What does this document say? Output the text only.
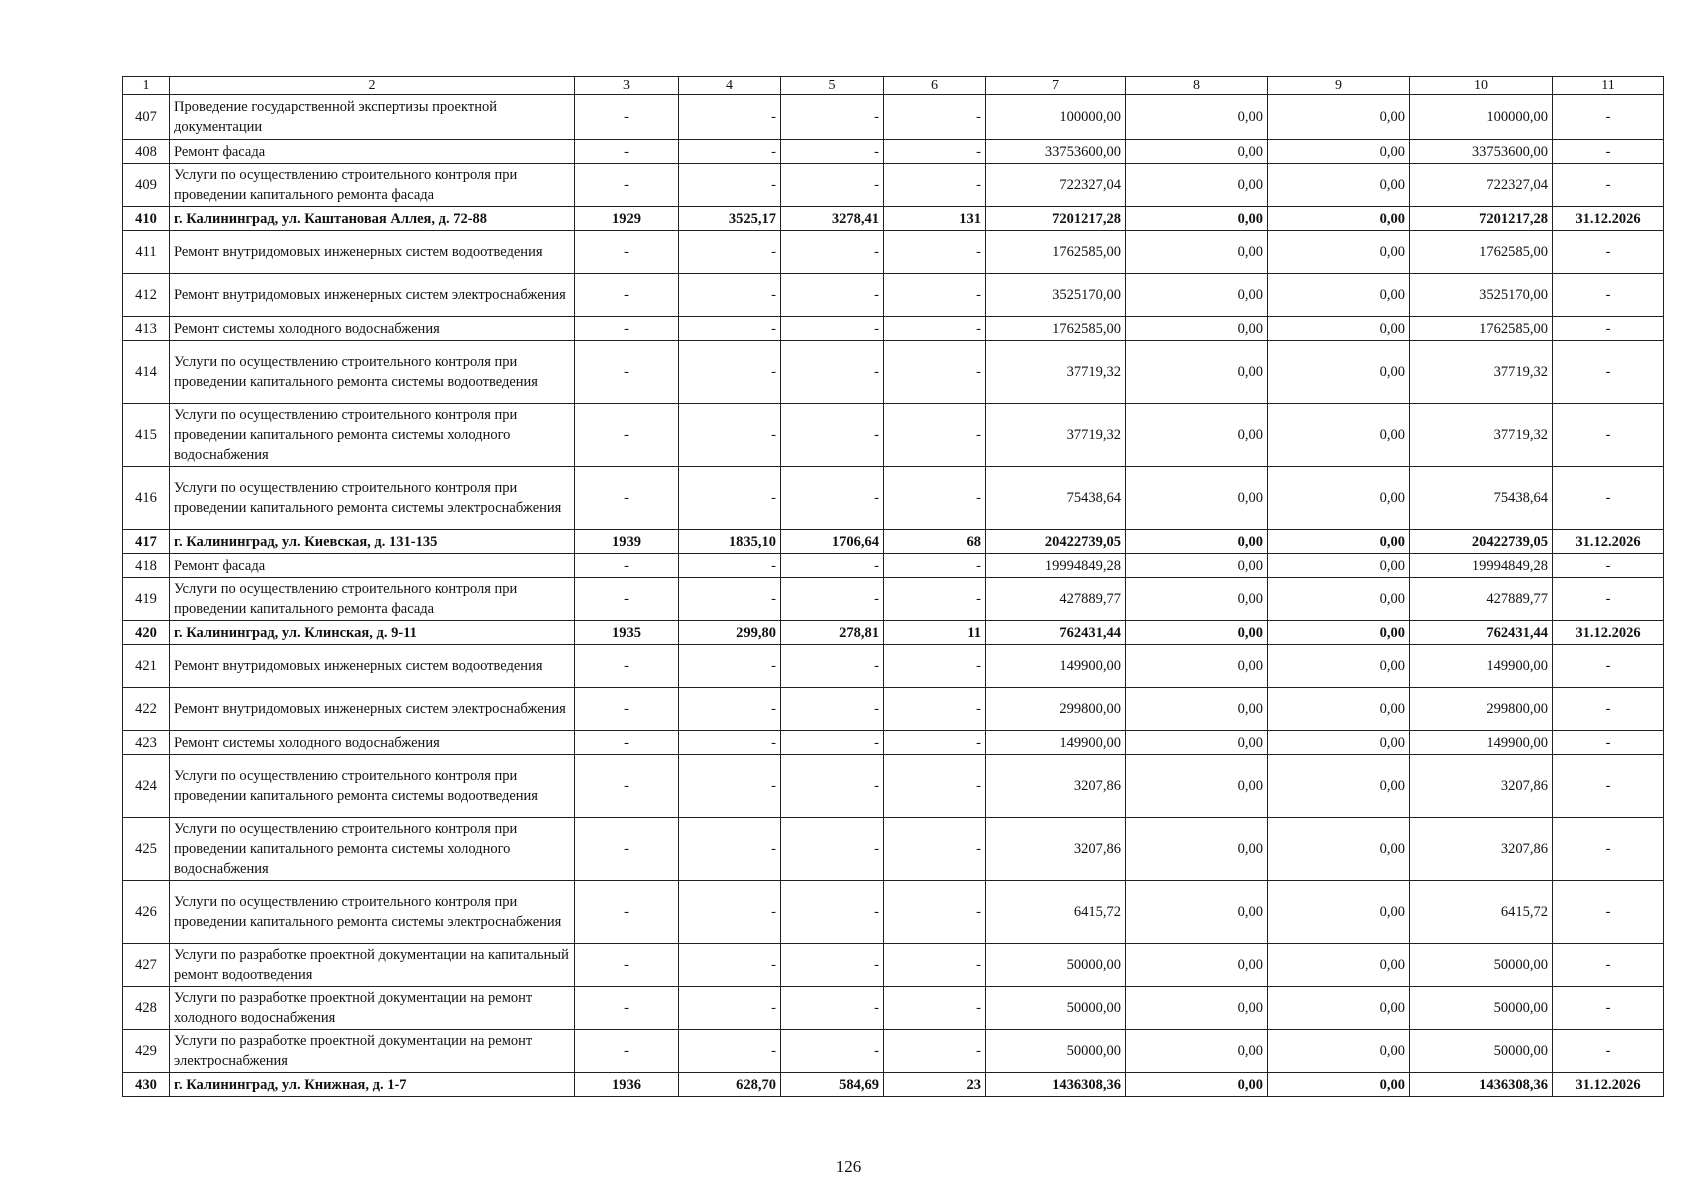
1	2	3	4	5	6	7	8	9	10	11
407	Проведение государственной экспертизы проектной документации	-	-	-	-	100000,00	0,00	0,00	100000,00	-
408	Ремонт фасада	-	-	-	-	33753600,00	0,00	0,00	33753600,00	-
409	Услуги по осуществлению строительного контроля при проведении капитального ремонта фасада	-	-	-	-	722327,04	0,00	0,00	722327,04	-
410	г. Калининград, ул. Каштановая Аллея, д. 72-88	1929	3525,17	3278,41	131	7201217,28	0,00	0,00	7201217,28	31.12.2026
411	Ремонт внутридомовых инженерных систем водоотведения	-	-	-	-	1762585,00	0,00	0,00	1762585,00	-
412	Ремонт внутридомовых инженерных систем электроснабжения	-	-	-	-	3525170,00	0,00	0,00	3525170,00	-
413	Ремонт системы холодного водоснабжения	-	-	-	-	1762585,00	0,00	0,00	1762585,00	-
414	Услуги по осуществлению строительного контроля при проведении капитального ремонта системы водоотведения	-	-	-	-	37719,32	0,00	0,00	37719,32	-
415	Услуги по осуществлению строительного контроля при проведении капитального ремонта системы холодного водоснабжения	-	-	-	-	37719,32	0,00	0,00	37719,32	-
416	Услуги по осуществлению строительного контроля при проведении капитального ремонта системы электроснабжения	-	-	-	-	75438,64	0,00	0,00	75438,64	-
417	г. Калининград, ул. Киевская, д. 131-135	1939	1835,10	1706,64	68	20422739,05	0,00	0,00	20422739,05	31.12.2026
418	Ремонт фасада	-	-	-	-	19994849,28	0,00	0,00	19994849,28	-
419	Услуги по осуществлению строительного контроля при проведении капитального ремонта фасада	-	-	-	-	427889,77	0,00	0,00	427889,77	-
420	г. Калининград, ул. Клинская, д. 9-11	1935	299,80	278,81	11	762431,44	0,00	0,00	762431,44	31.12.2026
421	Ремонт внутридомовых инженерных систем водоотведения	-	-	-	-	149900,00	0,00	0,00	149900,00	-
422	Ремонт внутридомовых инженерных систем электроснабжения	-	-	-	-	299800,00	0,00	0,00	299800,00	-
423	Ремонт системы холодного водоснабжения	-	-	-	-	149900,00	0,00	0,00	149900,00	-
424	Услуги по осуществлению строительного контроля при проведении капитального ремонта системы водоотведения	-	-	-	-	3207,86	0,00	0,00	3207,86	-
425	Услуги по осуществлению строительного контроля при проведении капитального ремонта системы холодного водоснабжения	-	-	-	-	3207,86	0,00	0,00	3207,86	-
426	Услуги по осуществлению строительного контроля при проведении капитального ремонта системы электроснабжения	-	-	-	-	6415,72	0,00	0,00	6415,72	-
427	Услуги по разработке проектной документации на капитальный ремонт водоотведения	-	-	-	-	50000,00	0,00	0,00	50000,00	-
428	Услуги по разработке проектной документации на ремонт холодного водоснабжения	-	-	-	-	50000,00	0,00	0,00	50000,00	-
429	Услуги по разработке проектной документации на ремонт электроснабжения	-	-	-	-	50000,00	0,00	0,00	50000,00	-
430	г. Калининград, ул. Книжная, д. 1-7	1936	628,70	584,69	23	1436308,36	0,00	0,00	1436308,36	31.12.2026
126
